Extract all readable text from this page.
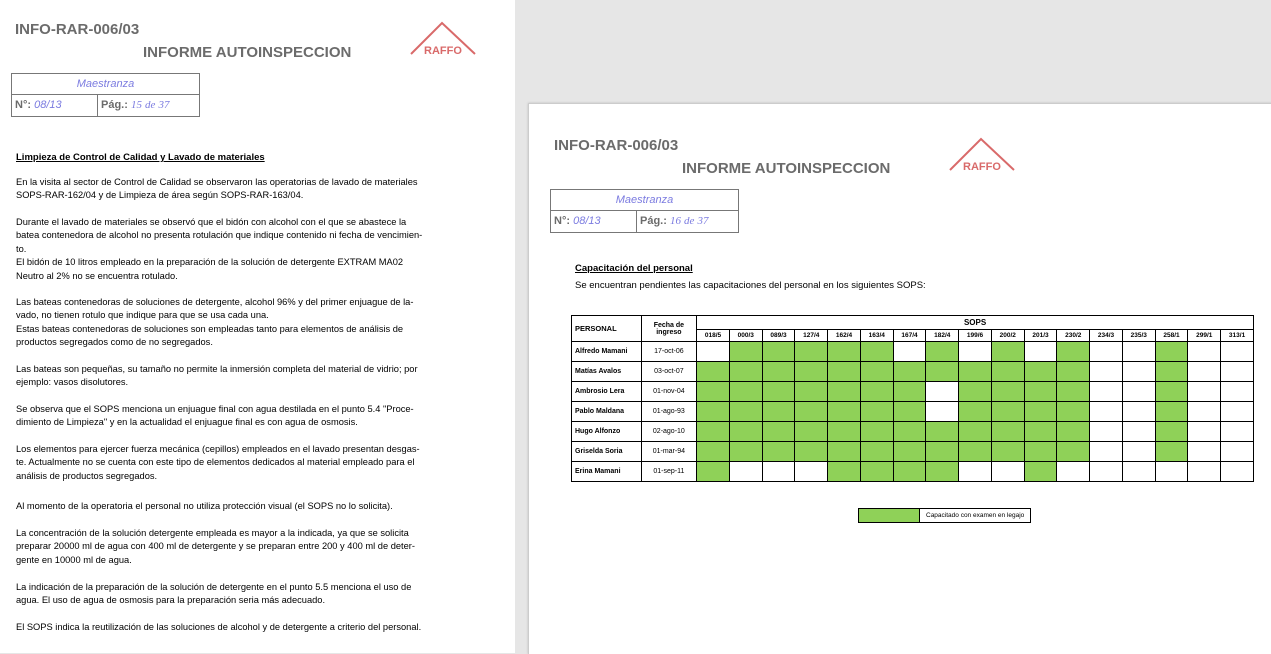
INFO-RAR-006/03
INFORME AUTOINSPECCION	RAFFO
Maestranza
N°: 08/13	Pág.: 15 de 37
Limpieza de Control de Calidad y Lavado de materiales
En la visita al sector de Control de Calidad se observaron las operatorias de lavado de materiales
SOPS-RAR-162/04 y de Limpieza de área según SOPS-RAR-163/04.
Durante el lavado de materiales se observó que el bidón con alcohol con el que se abastece la
batea contenedora de alcohol no presenta rotulación que indique contenido ni fecha de vencimien-
to.
El bidón de 10 litros empleado en la preparación de la solución de detergente EXTRAM MA02
Neutro al 2% no se encuentra rotulado.
Las bateas contenedoras de soluciones de detergente, alcohol 96% y del primer enjuague de la-
vado, no tienen rotulo que indique para que se usa cada una.
Estas bateas contenedoras de soluciones son empleadas tanto para elementos de análisis de
productos segregados como de no segregados.
Las bateas son pequeñas, su tamaño no permite la inmersión completa del material de vidrio; por
ejemplo: vasos disolutores.
Se observa que el SOPS menciona un enjuague final con agua destilada en el punto 5.4 "Proce-
dimiento de Limpieza" y en la actualidad el enjuague final es con agua de osmosis.
Los elementos para ejercer fuerza mecánica (cepillos) empleados en el lavado presentan desgas-
te. Actualmente no se cuenta con este tipo de elementos dedicados al material empleado para el
análisis de productos segregados.
Al momento de la operatoria el personal no utiliza protección visual (el SOPS no lo solicita).
La concentración de la solución detergente empleada es mayor a la indicada, ya que se solicita
preparar 20000 ml de agua con 400 ml de detergente y se preparan entre 200 y 400 ml de deter-
gente en 10000 ml de agua.
La indicación de la preparación de la solución de detergente en el punto 5.5 menciona el uso de
agua. El uso de agua de osmosis para la preparación seria más adecuado.
El SOPS indica la reutilización de las soluciones de alcohol y de detergente a criterio del personal.
INFO-RAR-006/03
INFORME AUTOINSPECCION	RAFFO
Maestranza
N°: 08/13	Pág.: 16 de 37
Capacitación del personal
Se encuentran pendientes las capacitaciones del personal en los siguientes SOPS:
PERSONAL	Fecha de ingreso	SOPS																
		018/5	000/3	089/3	127/4	162/4	163/4	167/4	182/4	199/6	200/2	201/3	230/2	234/3	235/3	258/1	299/1	313/1
Alfredo Mamani	17-oct-06																	
Matías Avalos	03-oct-07																	
Ambrosio Lera	01-nov-04																	
Pablo Maldana	01-ago-93																	
Hugo Alfonzo	02-ago-10																	
Griselda Soria	01-mar-94																	
Erina Mamani	01-sep-11																	
Capacitado con examen en legajo
